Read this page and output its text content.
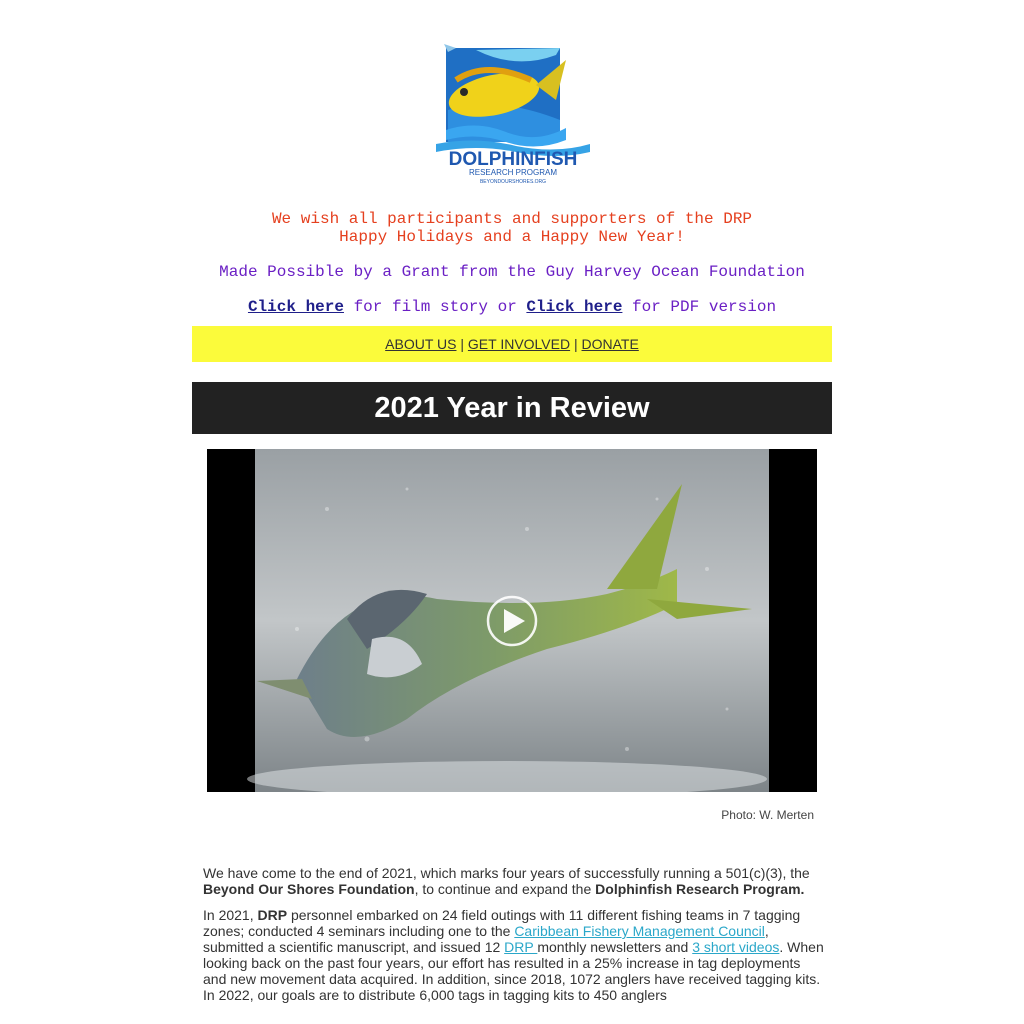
DOLPHINFISH
RESEARCH PROGRAM
BEYONDOURSHORES.ORG
We wish all participants and supporters of the DRP
Happy Holidays and a Happy New Year!
Made Possible by a Grant from the Guy Harvey Ocean Foundation
Click here for film story or Click here for PDF version
ABOUT US | GET INVOLVED | DONATE
2021 Year in Review
Photo: W. Merten

We have come to the end of 2021, which marks four years of successfully running a 501(c)(3), the Beyond Our Shores Foundation, to continue and expand the Dolphinfish Research Program.

In 2021, DRP personnel embarked on 24 field outings with 11 different fishing teams in 7 tagging zones; conducted 4 seminars including one to the Caribbean Fishery Management Council, submitted a scientific manuscript, and issued 12 DRP monthly newsletters and 3 short videos. When looking back on the past four years, our effort has resulted in a 25% increase in tag deployments and new movement data acquired. In addition, since 2018, 1072 anglers have received tagging kits. In 2022, our goals are to distribute 6,000 tags in tagging kits to 450 anglers
